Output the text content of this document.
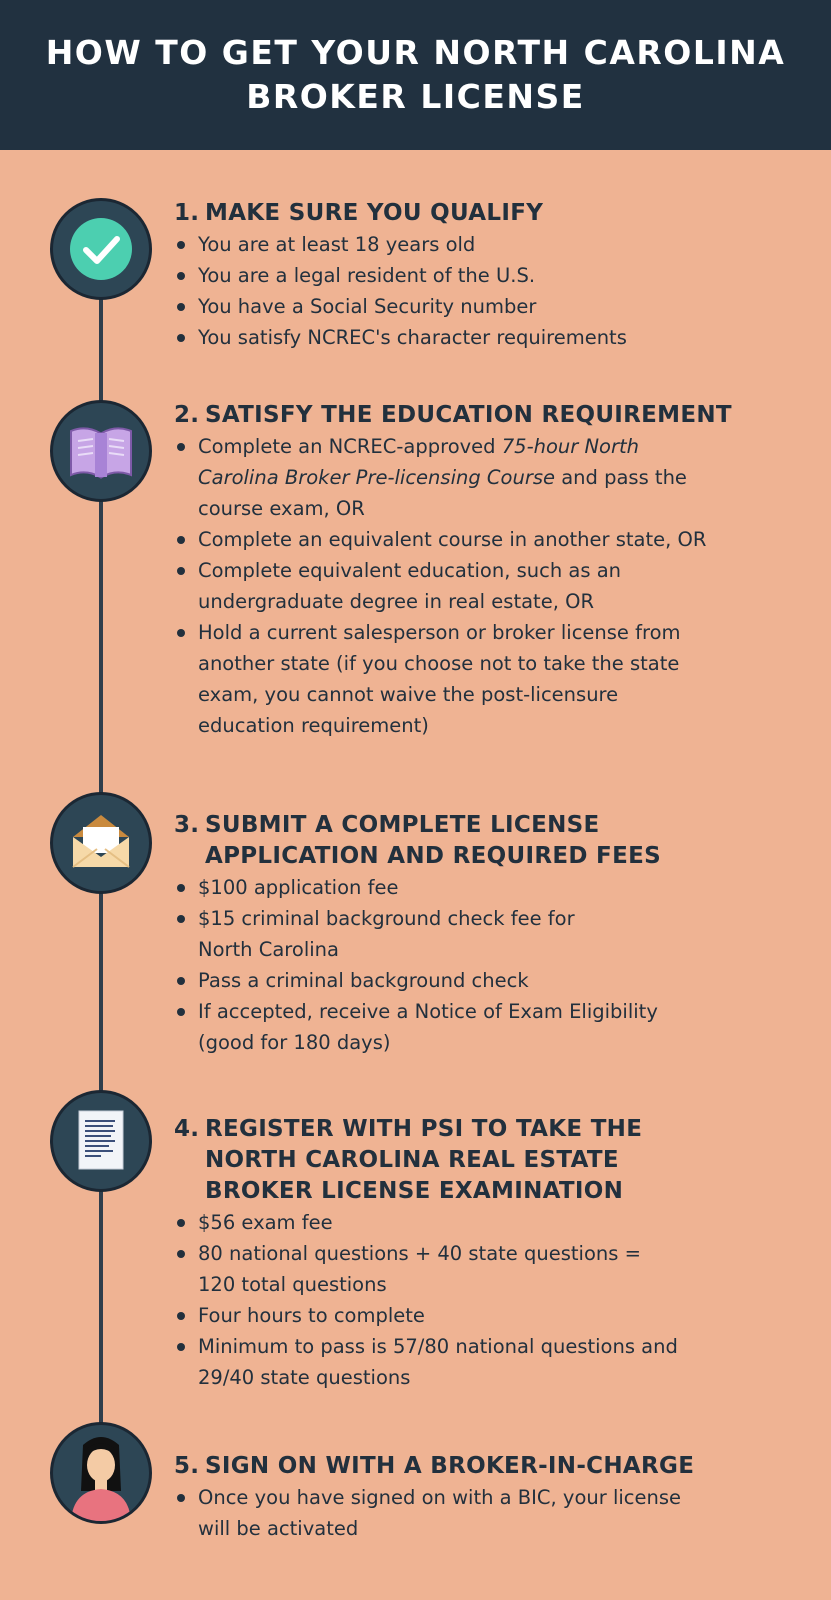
HOW TO GET YOUR NORTH CAROLINA
BROKER LICENSE
1. MAKE SURE YOU QUALIFY
You are at least 18 years old
You are a legal resident of the U.S.
You have a Social Security number
You satisfy NCREC's character requirements
2. SATISFY THE EDUCATION REQUIREMENT
Complete an NCREC-approved 75-hour North
Carolina Broker Pre-licensing Course and pass the
course exam, OR
Complete an equivalent course in another state, OR
Complete equivalent education, such as an
undergraduate degree in real estate, OR
Hold a current salesperson or broker license from
another state (if you choose not to take the state
exam, you cannot waive the post-licensure
education requirement)
3. SUBMIT A COMPLETE LICENSE
APPLICATION AND REQUIRED FEES
$100 application fee
$15 criminal background check fee for
North Carolina
Pass a criminal background check
If accepted, receive a Notice of Exam Eligibility
(good for 180 days)
4. REGISTER WITH PSI TO TAKE THE
NORTH CAROLINA REAL ESTATE
BROKER LICENSE EXAMINATION
$56 exam fee
80 national questions + 40 state questions =
120 total questions
Four hours to complete
Minimum to pass is 57/80 national questions and
29/40 state questions
5. SIGN ON WITH A BROKER-IN-CHARGE
Once you have signed on with a BIC, your license
will be activated
